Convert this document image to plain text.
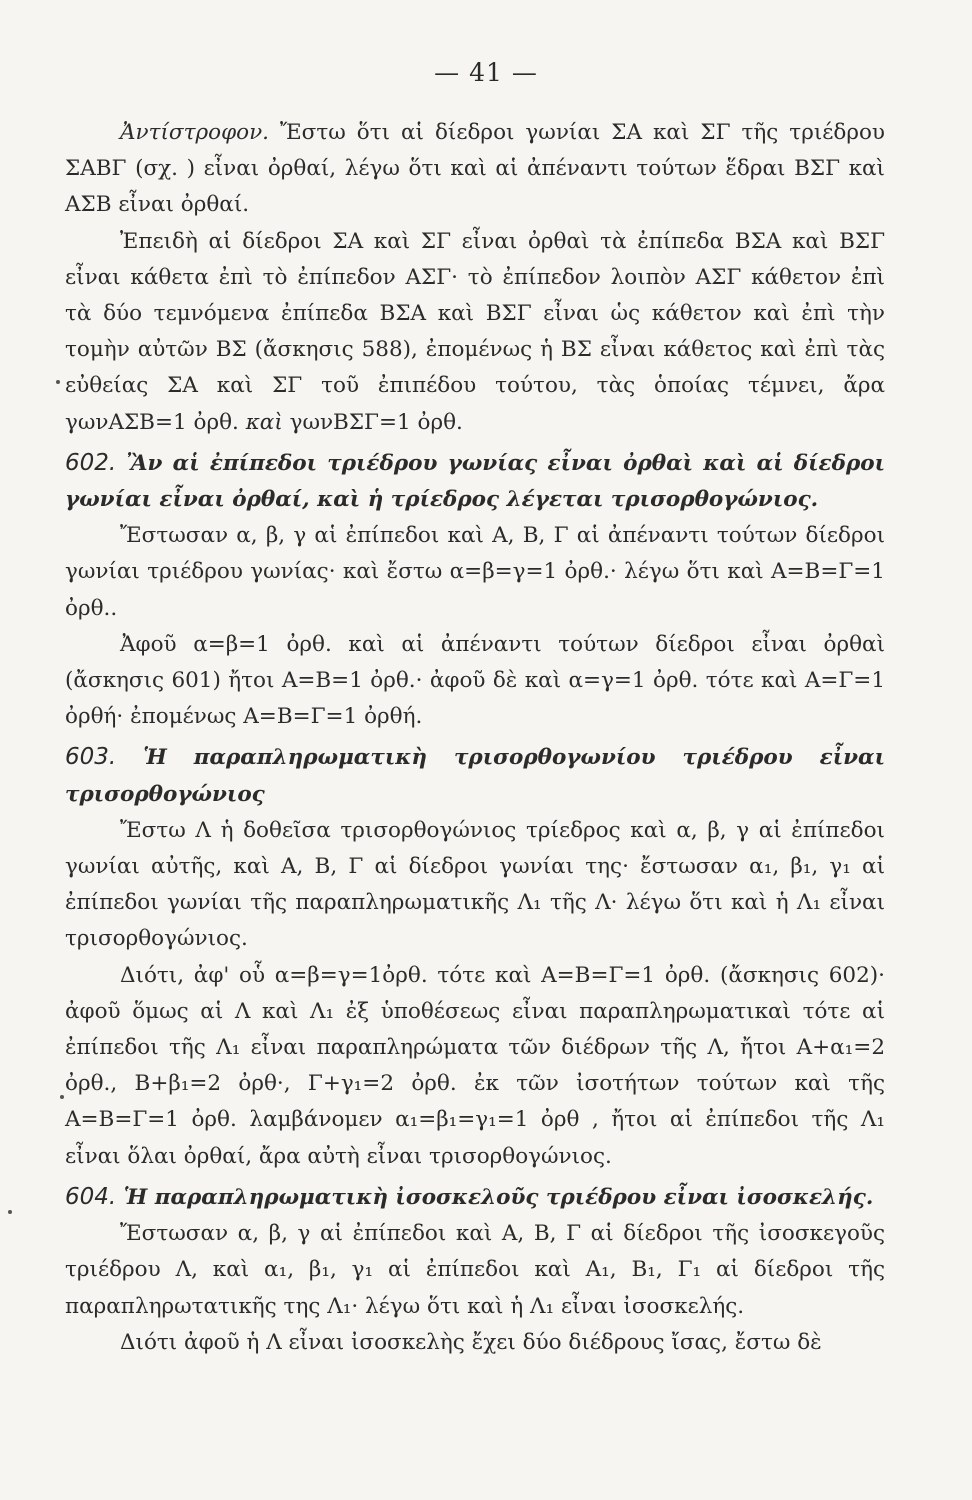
— 41 —

Ἀντίστροφον. Ἔστω ὅτι αἱ δίεδροι γωνίαι ΣΑ καὶ ΣΓ τῆς τριέδρου ΣΑΒΓ (σχ. ) εἶναι ὀρθαί, λέγω ὅτι καὶ αἱ ἀπέναντι τούτων ἕδραι ΒΣΓ καὶ ΑΣΒ εἶναι ὀρθαί.

Ἐπειδὴ αἱ δίεδροι ΣΑ καὶ ΣΓ εἶναι ὀρθαὶ τὰ ἐπίπεδα ΒΣΑ καὶ ΒΣΓ εἶναι κάθετα ἐπὶ τὸ ἐπίπεδον ΑΣΓ· τὸ ἐπίπεδον λοιπὸν ΑΣΓ κάθετον ἐπὶ τὰ δύο τεμνόμενα ἐπίπεδα ΒΣΑ καὶ ΒΣΓ εἶναι ὡς κάθετον καὶ ἐπὶ τὴν τομὴν αὐτῶν ΒΣ (ἄσκησις 588), ἐπομένως ἡ ΒΣ εἶναι κάθετος καὶ ἐπὶ τὰς εὐθείας ΣΑ καὶ ΣΓ τοῦ ἐπιπέδου τούτου, τὰς ὁποίας τέμνει, ἄρα γωνΑΣΒ=1 ὀρθ. καὶ γωνΒΣΓ=1 ὀρθ.

602. Ἂν αἱ ἐπίπεδοι τριέδρου γωνίας εἶναι ὀρθαὶ καὶ αἱ δίεδροι γωνίαι εἶναι ὀρθαί, καὶ ἡ τρίεδρος λέγεται τρισορθογώνιος.

Ἔστωσαν α, β, γ αἱ ἐπίπεδοι καὶ Α, Β, Γ αἱ ἀπέναντι τούτων δίεδροι γωνίαι τριέδρου γωνίας· καὶ ἔστω α=β=γ=1 ὀρθ.· λέγω ὅτι καὶ Α=Β=Γ=1 ὀρθ..

Ἀφοῦ α=β=1 ὀρθ. καὶ αἱ ἀπέναντι τούτων δίεδροι εἶναι ὀρθαὶ (ἄσκησις 601) ἤτοι Α=Β=1 ὀρθ.· ἀφοῦ δὲ καὶ α=γ=1 ὀρθ. τότε καὶ Α=Γ=1 ὀρθή· ἐπομένως Α=Β=Γ=1 ὀρθή.

603. Ἡ παραπληρωματικὴ τρισορθογωνίου τριέδρου εἶναι τρισορθογώνιος

Ἔστω Λ ἡ δοθεῖσα τρισορθογώνιος τρίεδρος καὶ α, β, γ αἱ ἐπίπεδοι γωνίαι αὐτῆς, καὶ Α, Β, Γ αἱ δίεδροι γωνίαι της· ἔστωσαν α₁, β₁, γ₁ αἱ ἐπίπεδοι γωνίαι τῆς παραπληρωματικῆς Λ₁ τῆς Λ· λέγω ὅτι καὶ ἡ Λ₁ εἶναι τρισορθογώνιος.

Διότι, ἀφ' οὗ α=β=γ=1ὀρθ. τότε καὶ Α=Β=Γ=1 ὀρθ. (ἄσκησις 602)· ἀφοῦ ὅμως αἱ Λ καὶ Λ₁ ἐξ ὑποθέσεως εἶναι παραπληρωματικαὶ τότε αἱ ἐπίπεδοι τῆς Λ₁ εἶναι παραπληρώματα τῶν διέδρων τῆς Λ, ἤτοι Α+α₁=2 ὀρθ., Β+β₁=2 ὀρθ·, Γ+γ₁=2 ὀρθ. ἐκ τῶν ἰσοτήτων τούτων καὶ τῆς Α=Β=Γ=1 ὀρθ. λαμβάνομεν α₁=β₁=γ₁=1 ὀρθ , ἤτοι αἱ ἐπίπεδοι τῆς Λ₁ εἶναι ὅλαι ὀρθαί, ἄρα αὐτὴ εἶναι τρισορθογώνιος.

604. Ἡ παραπληρωματικὴ ἰσοσκελοῦς τριέδρου εἶναι ἰσοσκελής.

Ἔστωσαν α, β, γ αἱ ἐπίπεδοι καὶ Α, Β, Γ αἱ δίεδροι τῆς ἰσοσκεγοῦς τριέδρου Λ, καὶ α₁, β₁, γ₁ αἱ ἐπίπεδοι καὶ Α₁, Β₁, Γ₁ αἱ δίεδροι τῆς παραπληρωτατικῆς της Λ₁· λέγω ὅτι καὶ ἡ Λ₁ εἶναι ἰσοσκελής.

Διότι ἀφοῦ ἡ Λ εἶναι ἰσοσκελὴς ἔχει δύο διέδρους ἴσας, ἔστω δὲ
